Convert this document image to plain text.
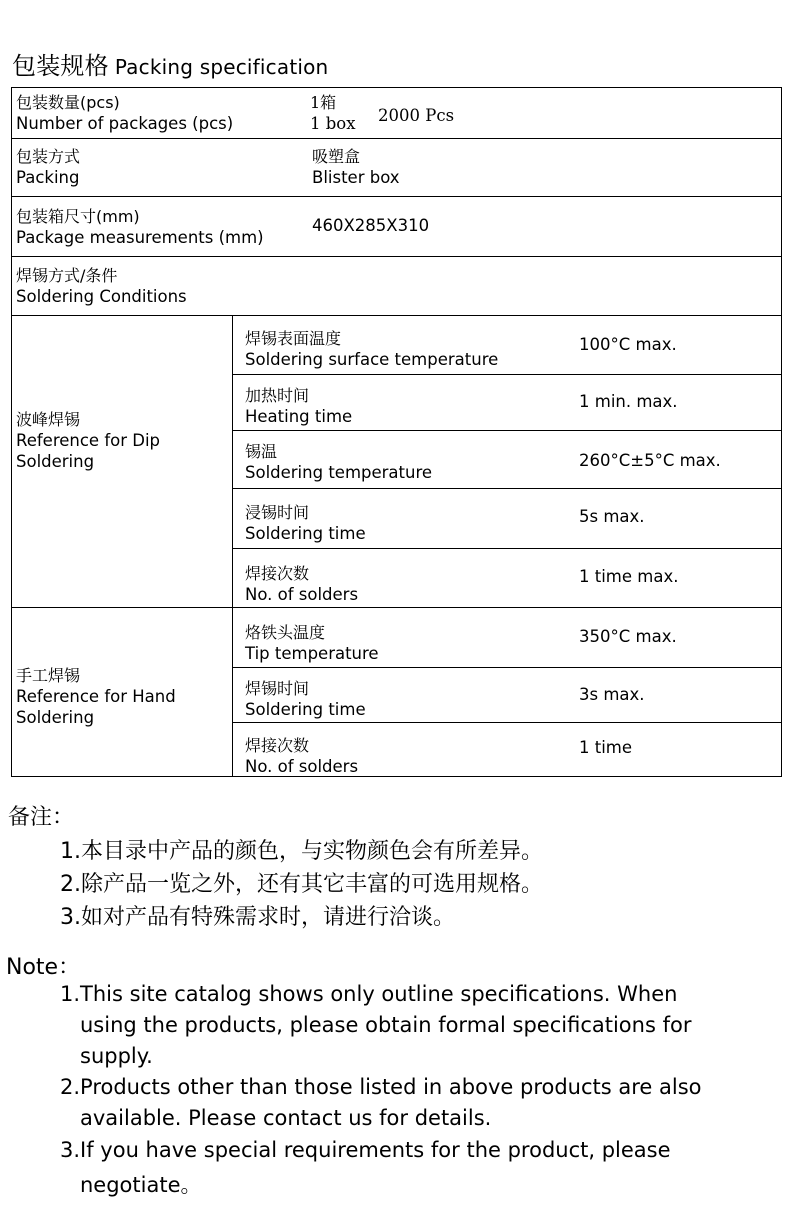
包装规格 Packing specification
包装数量(pcs)
Number of packages (pcs)
1箱
1 box 2000 Pcs
包装方式
Packing
吸塑盒
Blister box
包装箱尺寸(mm)
Package measurements (mm)
460X285X310
焊锡方式/条件
Soldering Conditions
波峰焊锡
Reference for Dip
Soldering
焊锡表面温度
Soldering surface temperature
100°C max.
加热时间
Heating time
1 min. max.
锡温
Soldering temperature
260°C±5°C max.
浸锡时间
Soldering time
5s max.
焊接次数
No. of solders
1 time max.
手工焊锡
Reference for Hand
Soldering
烙铁头温度
Tip temperature
350°C max.
焊锡时间
Soldering time
3s max.
焊接次数
No. of solders
1 time
备注：
1.本目录中产品的颜色，与实物颜色会有所差异。
2.除产品一览之外，还有其它丰富的可选用规格。
3.如对产品有特殊需求时，请进行洽谈。
Note：
1.This site catalog shows only outline specifications. When
using the products, please obtain formal specifications for
supply.
2.Products other than those listed in above products are also
available. Please contact us for details.
3.If you have special requirements for the product, please
negotiate。
